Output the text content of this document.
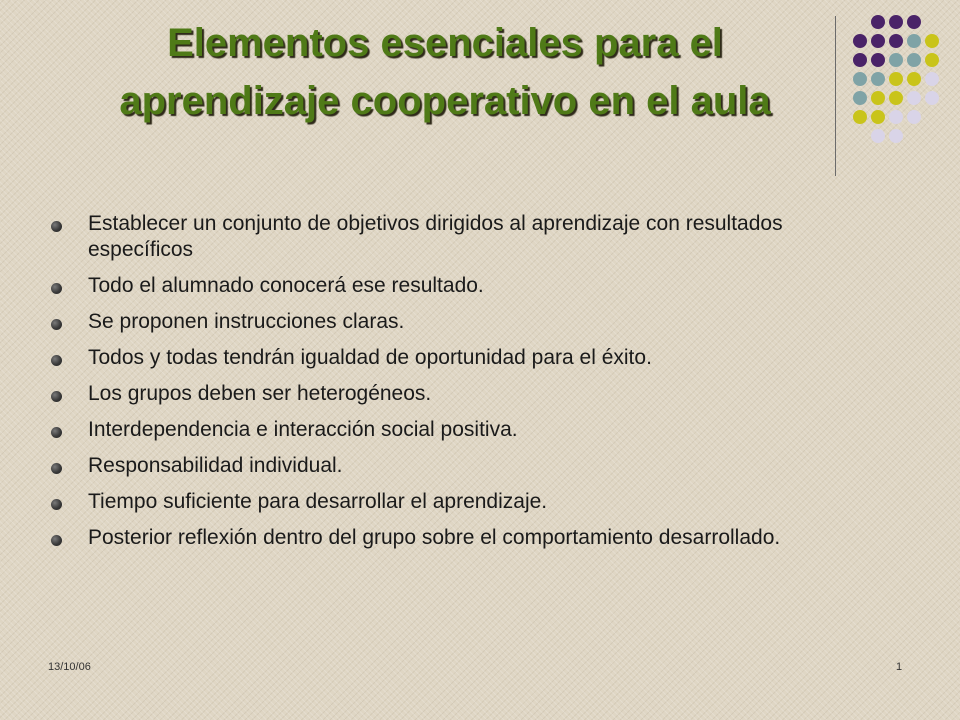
Elementos esenciales para el aprendizaje cooperativo en el aula
Establecer un conjunto de objetivos dirigidos al aprendizaje con resultados específicos
Todo el alumnado conocerá ese resultado.
Se proponen instrucciones claras.
Todos y todas tendrán igualdad de oportunidad para el éxito.
Los grupos deben ser heterogéneos.
Interdependencia e interacción social positiva.
Responsabilidad individual.
Tiempo suficiente para desarrollar el aprendizaje.
Posterior reflexión dentro del grupo sobre el comportamiento desarrollado.
13/10/06	1
